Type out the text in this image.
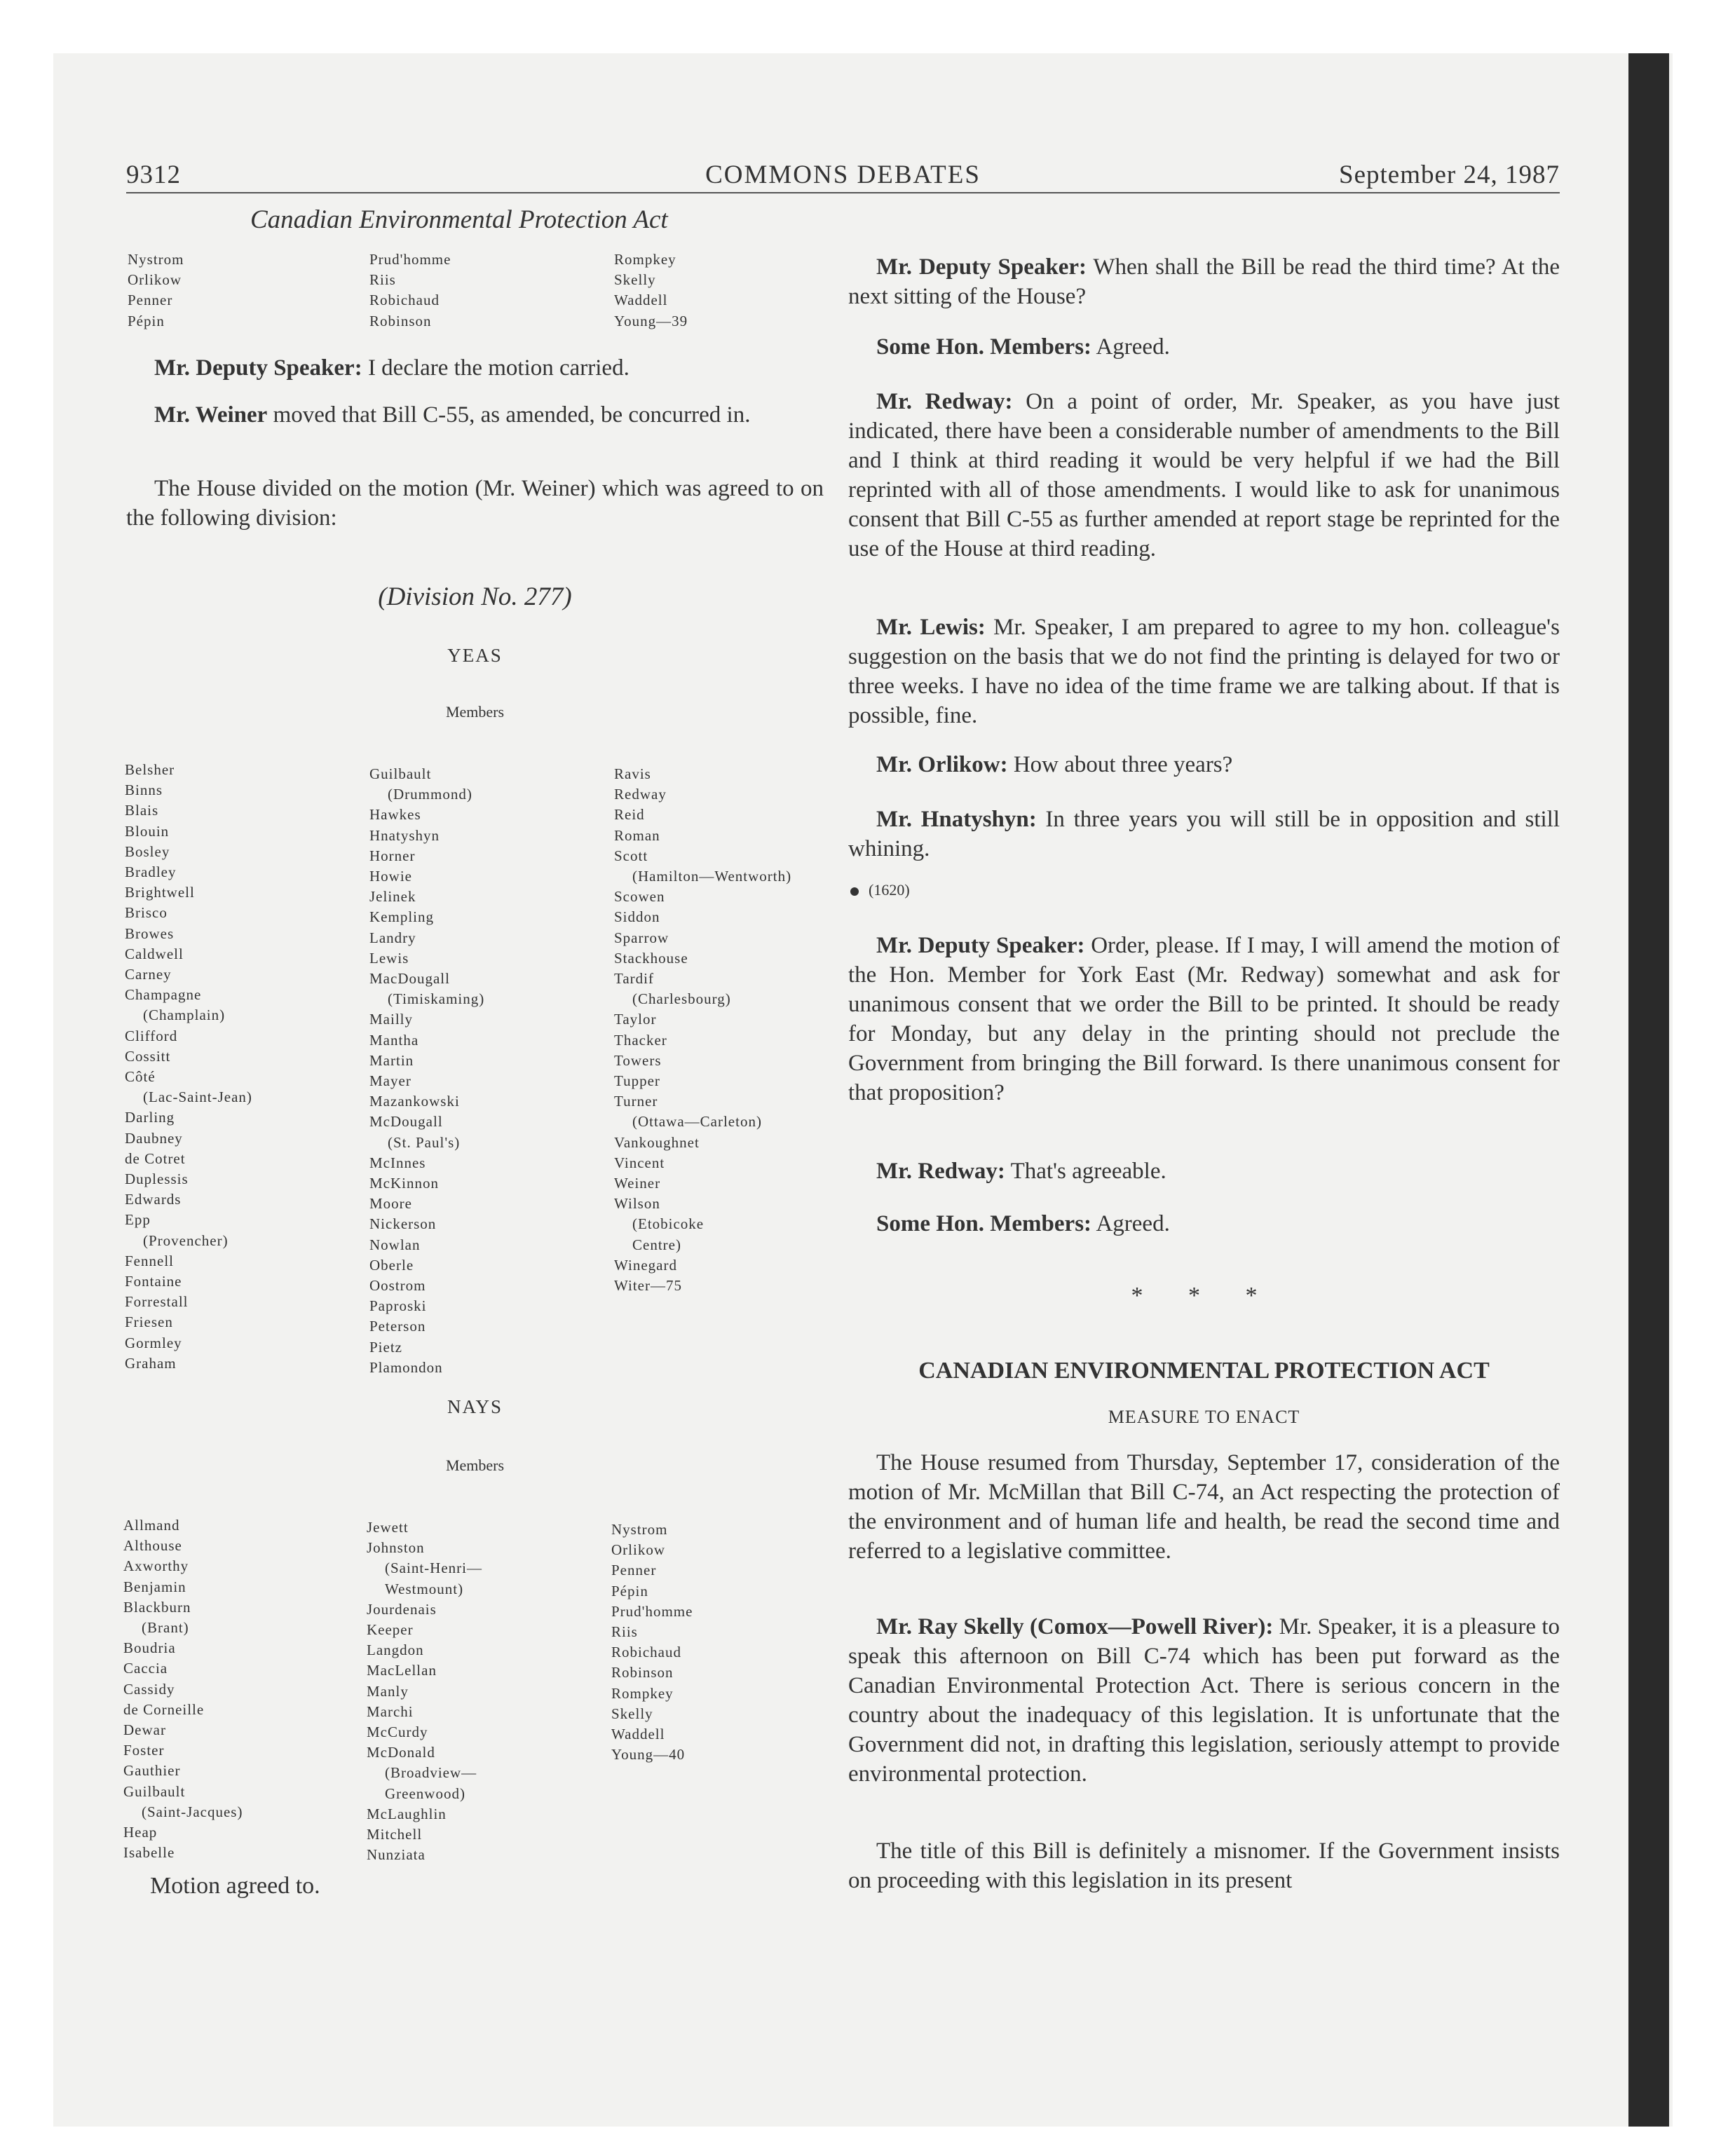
9312	COMMONS DEBATES	September 24, 1987
Canadian Environmental Protection Act
Nystrom
Orlikow
Penner
Pépin
Prud'homme
Riis
Robichaud
Robinson
Rompkey
Skelly
Waddell
Young—39

Mr. Deputy Speaker: I declare the motion carried.

Mr. Weiner moved that Bill C-55, as amended, be concurred in.

The House divided on the motion (Mr. Weiner) which was agreed to on the following division:

(Division No. 277)
YEAS
Members
Belsher
Binns
Blais
Blouin
Bosley
Bradley
Brightwell
Brisco
Browes
Caldwell
Carney
Champagne
(Champlain)
Clifford
Cossitt
Côté
(Lac-Saint-Jean)
Darling
Daubney
de Cotret
Duplessis
Edwards
Epp
(Provencher)
Fennell
Fontaine
Forrestall
Friesen
Gormley
Graham
Guilbault
(Drummond)
Hawkes
Hnatyshyn
Horner
Howie
Jelinek
Kempling
Landry
Lewis
MacDougall
(Timiskaming)
Mailly
Mantha
Martin
Mayer
Mazankowski
McDougall
(St. Paul's)
McInnes
McKinnon
Moore
Nickerson
Nowlan
Oberle
Oostrom
Paproski
Peterson
Pietz
Plamondon
Ravis
Redway
Reid
Roman
Scott
(Hamilton—Wentworth)
Scowen
Siddon
Sparrow
Stackhouse
Tardif
(Charlesbourg)
Taylor
Thacker
Towers
Tupper
Turner
(Ottawa—Carleton)
Vankoughnet
Vincent
Weiner
Wilson
(Etobicoke
Centre)
Winegard
Witer—75
NAYS
Members
Allmand
Althouse
Axworthy
Benjamin
Blackburn
(Brant)
Boudria
Caccia
Cassidy
de Corneille
Dewar
Foster
Gauthier
Guilbault
(Saint-Jacques)
Heap
Isabelle
Jewett
Johnston
(Saint-Henri—
Westmount)
Jourdenais
Keeper
Langdon
MacLellan
Manly
Marchi
McCurdy
McDonald
(Broadview—
Greenwood)
McLaughlin
Mitchell
Nunziata
Nystrom
Orlikow
Penner
Pépin
Prud'homme
Riis
Robichaud
Robinson
Rompkey
Skelly
Waddell
Young—40
Motion agreed to.

Mr. Deputy Speaker: When shall the Bill be read the third time? At the next sitting of the House?

Some Hon. Members: Agreed.

Mr. Redway: On a point of order, Mr. Speaker, as you have just indicated, there have been a considerable number of amendments to the Bill and I think at third reading it would be very helpful if we had the Bill reprinted with all of those amendments. I would like to ask for unanimous consent that Bill C-55 as further amended at report stage be reprinted for the use of the House at third reading.

Mr. Lewis: Mr. Speaker, I am prepared to agree to my hon. colleague's suggestion on the basis that we do not find the printing is delayed for two or three weeks. I have no idea of the time frame we are talking about. If that is possible, fine.

Mr. Orlikow: How about three years?

Mr. Hnatyshyn: In three years you will still be in opposition and still whining.

(1620)

Mr. Deputy Speaker: Order, please. If I may, I will amend the motion of the Hon. Member for York East (Mr. Redway) somewhat and ask for unanimous consent that we order the Bill to be printed. It should be ready for Monday, but any delay in the printing should not preclude the Government from bringing the Bill forward. Is there unanimous consent for that proposition?

Mr. Redway: That's agreeable.

Some Hon. Members: Agreed.

* * *
CANADIAN ENVIRONMENTAL PROTECTION ACT
MEASURE TO ENACT

The House resumed from Thursday, September 17, consideration of the motion of Mr. McMillan that Bill C-74, an Act respecting the protection of the environment and of human life and health, be read the second time and referred to a legislative committee.

Mr. Ray Skelly (Comox—Powell River): Mr. Speaker, it is a pleasure to speak this afternoon on Bill C-74 which has been put forward as the Canadian Environmental Protection Act. There is serious concern in the country about the inadequacy of this legislation. It is unfortunate that the Government did not, in drafting this legislation, seriously attempt to provide environmental protection.

The title of this Bill is definitely a misnomer. If the Government insists on proceeding with this legislation in its present
